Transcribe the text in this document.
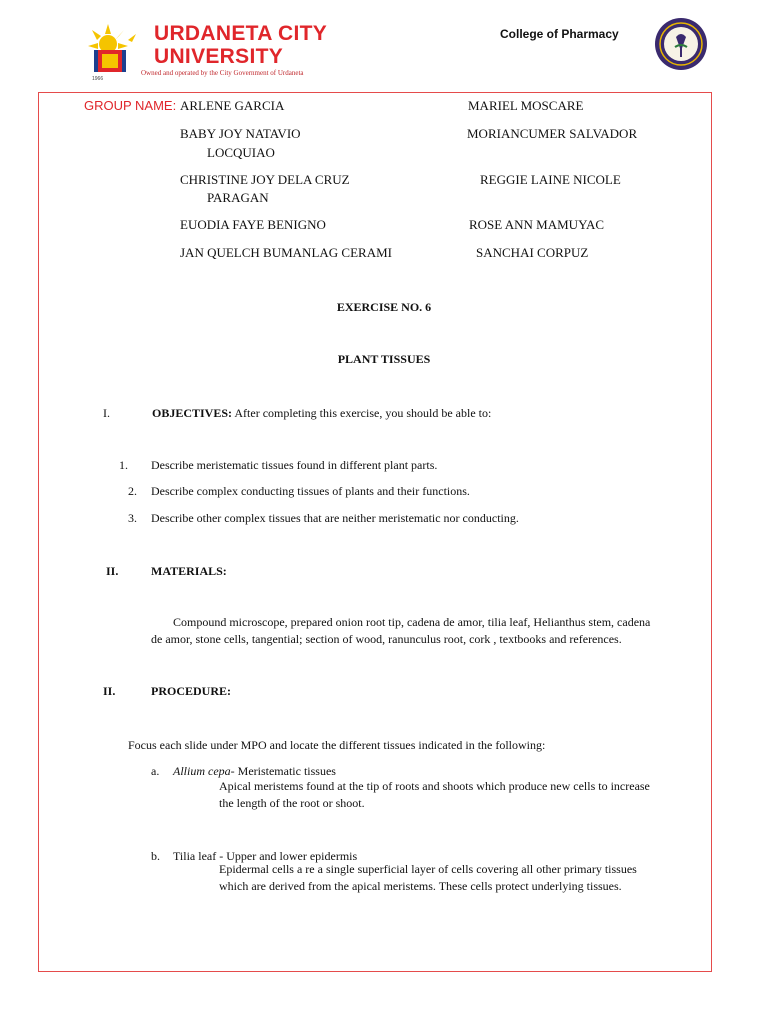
1966
URDANETA CITY
UNIVERSITY
Owned and operated by the City Government of Urdaneta
College of Pharmacy
GROUP NAME: ARLENE GARCIA	MARIEL MOSCARE
BABY JOY NATAVIO	MORIANCUMER SALVADOR
LOCQUIAO
CHRISTINE JOY DELA CRUZ	REGGIE LAINE NICOLE
PARAGAN
EUODIA FAYE BENIGNO	ROSE ANN MAMUYAC
JAN QUELCH BUMANLAG CERAMI	SANCHAI CORPUZ
EXERCISE NO. 6
PLANT TISSUES
I.	OBJECTIVES: After completing this exercise, you should be able to:
1. Describe meristematic tissues found in different plant parts.
2. Describe complex conducting tissues of plants and their functions.
3. Describe other complex tissues that are neither meristematic nor conducting.
II.	MATERIALS:
Compound microscope, prepared onion root tip, cadena de amor, tilia leaf, Helianthus stem, cadena
de amor, stone cells, tangential; section of wood, ranunculus root, cork , textbooks and references.
II.	PROCEDURE:
Focus each slide under MPO and locate the different tissues indicated in the following:
a. Allium cepa- Meristematic tissues
Apical meristems found at the tip of roots and shoots which produce new cells to increase
the length of the root or shoot.
b. Tilia leaf - Upper and lower epidermis
Epidermal cells a re a single superficial layer of cells covering all other primary tissues
which are derived from the apical meristems. These cells protect underlying tissues.
